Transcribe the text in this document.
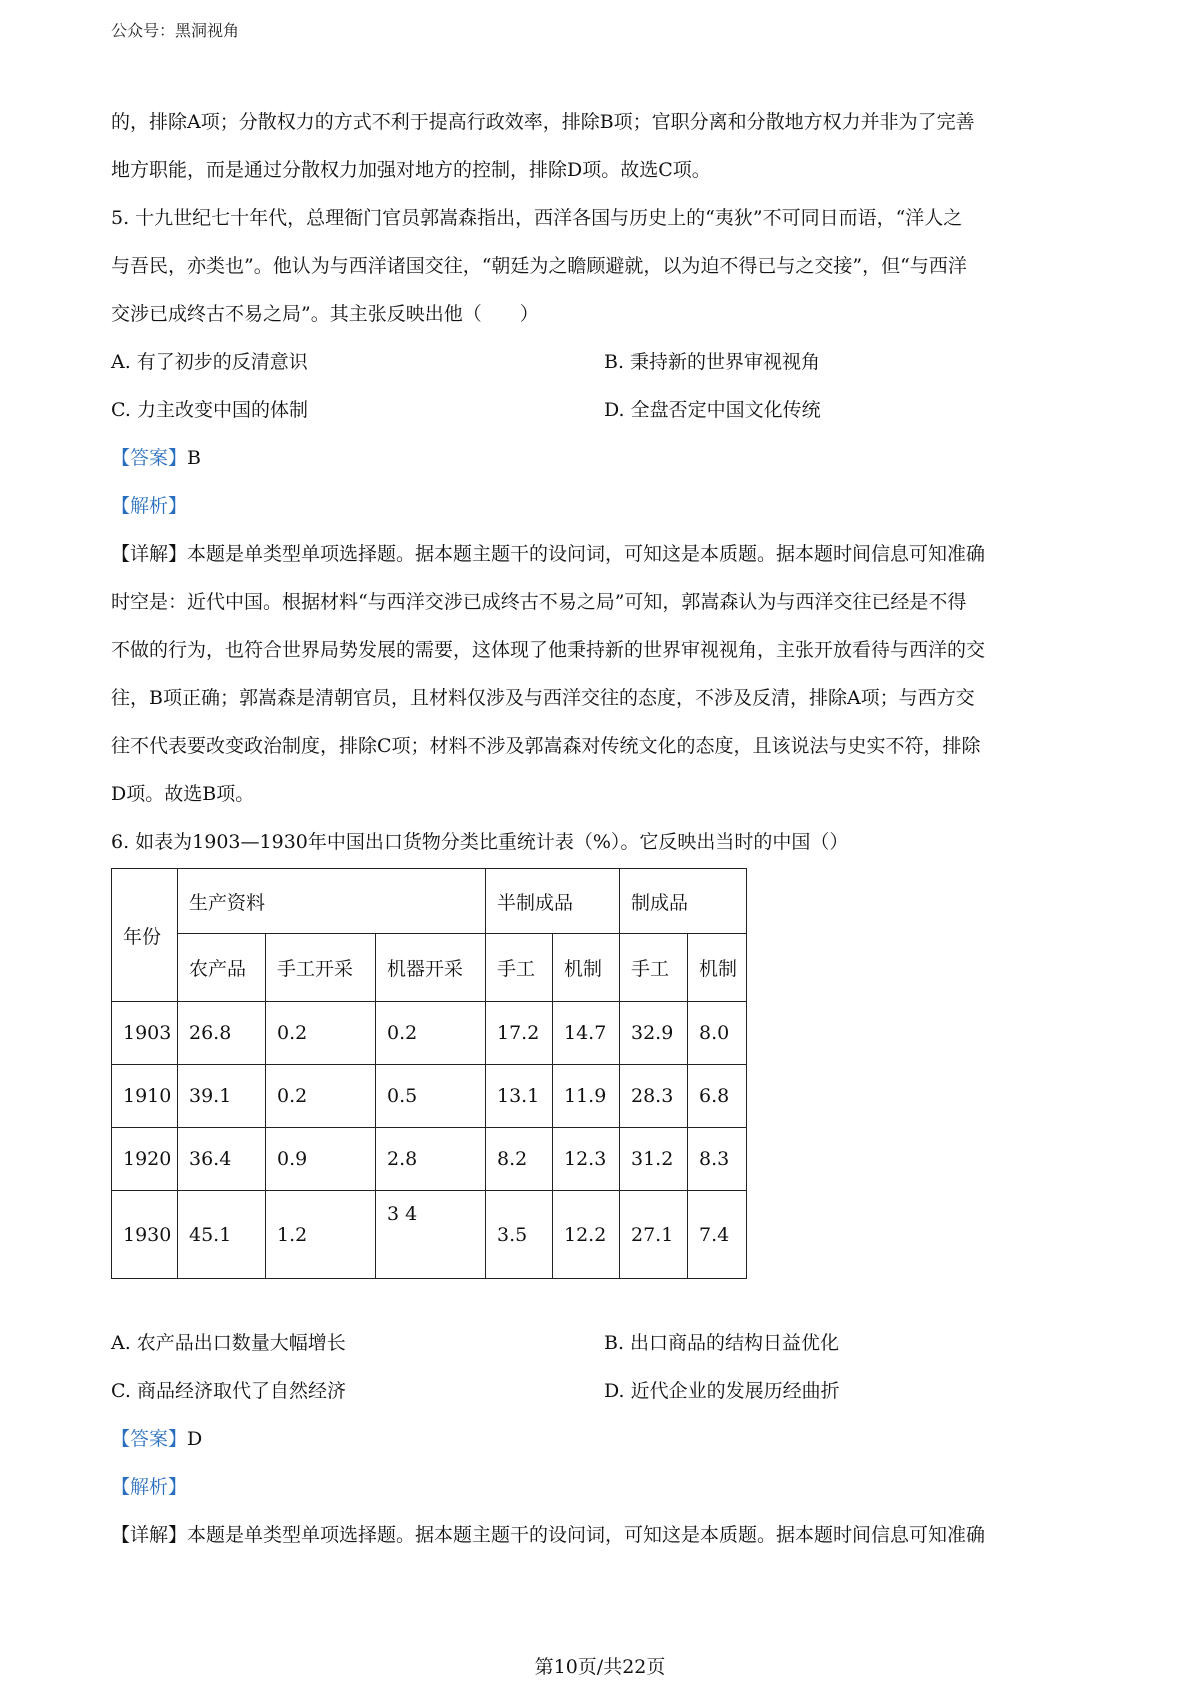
公众号：黑洞视角
的，排除A项；分散权力的方式不利于提高行政效率，排除B项；官职分离和分散地方权力并非为了完善
地方职能，而是通过分散权力加强对地方的控制，排除D项。故选C项。
5. 十九世纪七十年代，总理衙门官员郭嵩森指出，西洋各国与历史上的“夷狄”不可同日而语，“洋人之
与吾民，亦类也”。他认为与西洋诸国交往，“朝廷为之瞻顾避就，以为迫不得已与之交接”，但“与西洋
交涉已成终古不易之局”。其主张反映出他（　　）
A. 有了初步的反清意识	B. 秉持新的世界审视视角
C. 力主改变中国的体制	D. 全盘否定中国文化传统
【答案】B
【解析】
【详解】本题是单类型单项选择题。据本题主题干的设问词，可知这是本质题。据本题时间信息可知准确
时空是：近代中国。根据材料“与西洋交涉已成终古不易之局”可知，郭嵩森认为与西洋交往已经是不得
不做的行为，也符合世界局势发展的需要，这体现了他秉持新的世界审视视角，主张开放看待与西洋的交
往，B项正确；郭嵩森是清朝官员，且材料仅涉及与西洋交往的态度，不涉及反清，排除A项；与西方交
往不代表要改变政治制度，排除C项；材料不涉及郭嵩森对传统文化的态度，且该说法与史实不符，排除
D项。故选B项。
6. 如表为1903—1930年中国出口货物分类比重统计表（%）。它反映出当时的中国（）
年份	生产资料			半制成品		制成品	
	农产品	手工开采	机器开采	手工	机制	手工	机制
1903	26.8	0.2	0.2	17.2	14.7	32.9	8.0
1910	39.1	0.2	0.5	13.1	11.9	28.3	6.8
1920	36.4	0.9	2.8	8.2	12.3	31.2	8.3
1930	45.1	1.2	3 4	3.5	12.2	27.1	7.4
A. 农产品出口数量大幅增长	B. 出口商品的结构日益优化
C. 商品经济取代了自然经济	D. 近代企业的发展历经曲折
【答案】D
【解析】
【详解】本题是单类型单项选择题。据本题主题干的设问词，可知这是本质题。据本题时间信息可知准确
第10页/共22页
